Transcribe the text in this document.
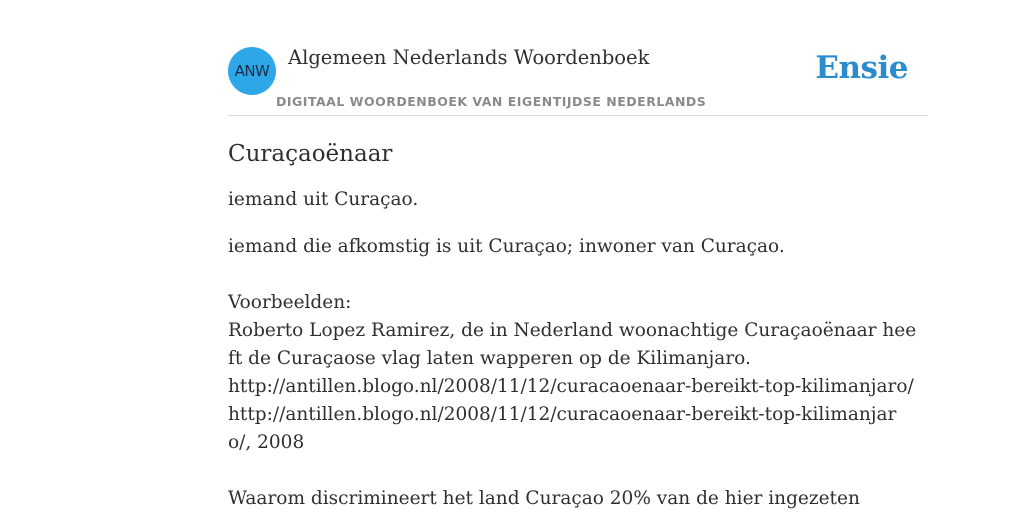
ANW
Algemeen Nederlands Woordenboek
DIGITAAL WOORDENBOEK VAN EIGENTIJDSE NEDERLANDS
Ensie
Curaçaoënaar

iemand uit Curaçao.

iemand die afkomstig is uit Curaçao; inwoner van Curaçao.

Voorbeelden:

Roberto Lopez Ramirez, de in Nederland woonachtige Curaçaoënaar heeft de Curaçaose vlag laten wapperen op de Kilimanjaro.

http://antillen.blogo.nl/2008/11/12/curacaoenaar-bereikt-top-kilimanjaro/http://antillen.blogo.nl/2008/11/12/curacaoenaar-bereikt-top-kilimanjaro/, 2008

Waarom discrimineert het land Curaçao 20% van de hier ingezeten
